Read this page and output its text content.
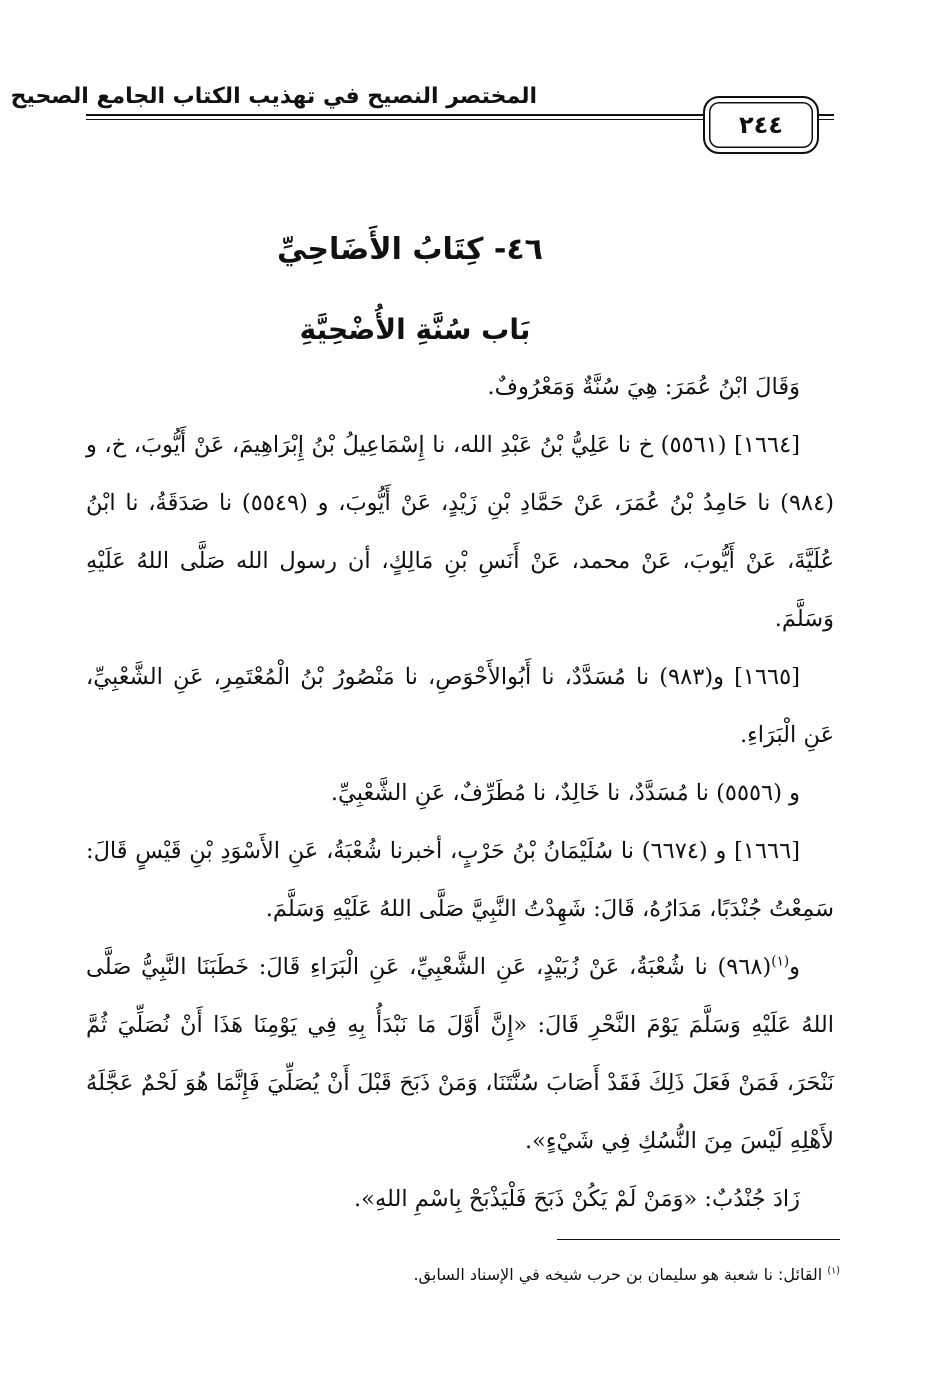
المختصر النصيح في تهذيب الكتاب الجامع الصحيح
٢٤٤
٤٦- كِتَابُ الأَضَاحِيِّ
بَاب سُنَّةِ الأُضْحِيَّةِ

وَقَالَ ابْنُ عُمَرَ: هِيَ سُنَّةٌ وَمَعْرُوفٌ.

[١٦٦٤] (٥٥٦١) خ نا عَلِيُّ بْنُ عَبْدِ الله، نا إِسْمَاعِيلُ بْنُ إِبْرَاهِيمَ، عَنْ أَيُّوبَ، خ، و (٩٨٤) نا حَامِدُ بْنُ عُمَرَ، عَنْ حَمَّادِ بْنِ زَيْدٍ، عَنْ أَيُّوبَ، و (٥٥٤٩) نا صَدَقَةُ، نا ابْنُ عُلَيَّةَ، عَنْ أَيُّوبَ، عَنْ محمد، عَنْ أَنَسِ بْنِ مَالِكٍ، أن رسول الله صَلَّى اللهُ عَلَيْهِ وَسَلَّمَ.

[١٦٦٥] و(٩٨٣) نا مُسَدَّدٌ، نا أَبُوالأَحْوَصِ، نا مَنْصُورُ بْنُ الْمُعْتَمِرِ، عَنِ الشَّعْبِيِّ، عَنِ الْبَرَاءِ.

و (٥٥٥٦) نا مُسَدَّدٌ، نا خَالِدٌ، نا مُطَرِّفٌ، عَنِ الشَّعْبِيِّ.

[١٦٦٦] و (٦٦٧٤) نا سُلَيْمَانُ بْنُ حَرْبٍ، أخبرنا شُعْبَةُ، عَنِ الأَسْوَدِ بْنِ قَيْسٍ قَالَ: سَمِعْتُ جُنْدَبًا، مَدَارُهُ، قَالَ: شَهِدْتُ النَّبِيَّ صَلَّى اللهُ عَلَيْهِ وَسَلَّمَ.

و$^{(١)}$(٩٦٨) نا شُعْبَةُ، عَنْ زُبَيْدٍ، عَنِ الشَّعْبِيِّ، عَنِ الْبَرَاءِ قَالَ: خَطَبَنَا النَّبِيُّ صَلَّى اللهُ عَلَيْهِ وَسَلَّمَ يَوْمَ النَّحْرِ قَالَ: «إِنَّ أَوَّلَ مَا نَبْدَأُ بِهِ فِي يَوْمِنَا هَذَا أَنْ نُصَلِّيَ ثُمَّ نَنْحَرَ، فَمَنْ فَعَلَ ذَلِكَ فَقَدْ أَصَابَ سُنَّتَنَا، وَمَنْ ذَبَحَ قَبْلَ أَنْ يُصَلِّيَ فَإِنَّمَا هُوَ لَحْمٌ عَجَّلَهُ لأَهْلِهِ لَيْسَ مِنَ النُّسُكِ فِي شَيْءٍ».

زَادَ جُنْدُبٌ: «وَمَنْ لَمْ يَكُنْ ذَبَحَ فَلْيَذْبَحْ بِاسْمِ اللهِ».

$^{(١)}$ القائل: نا شعبة هو سليمان بن حرب شيخه في الإسناد السابق.
